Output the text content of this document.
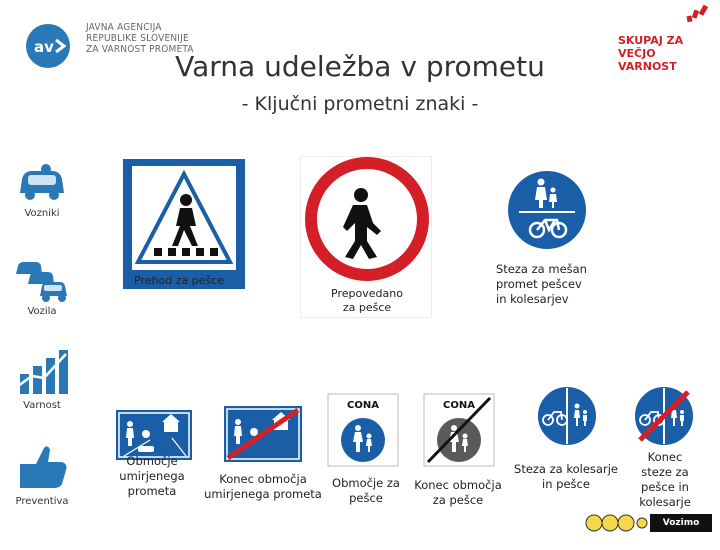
av
JAVNA AGENCIJA
REPUBLIKE SLOVENIJE
ZA VARNOST PROMETA
Varna udeležba v prometu
- Ključni prometni znaki -
SKUPAJ ZA
VEČJO VARNOST
Vozniki
Vozila
Varnost
Preventiva
Prehod za pešce
Prepovedano
za pešce
Steza za mešan
promet pešcev
in kolesarjev
Območje
umirjenega
prometa
Konec območja
umirjenega prometa
CONA
Območje za
pešce
CONA
Konec območja
za pešce
Steza za kolesarje
in pešce
Konec
steze za
pešce in
kolesarje
Vozimo pametno!
